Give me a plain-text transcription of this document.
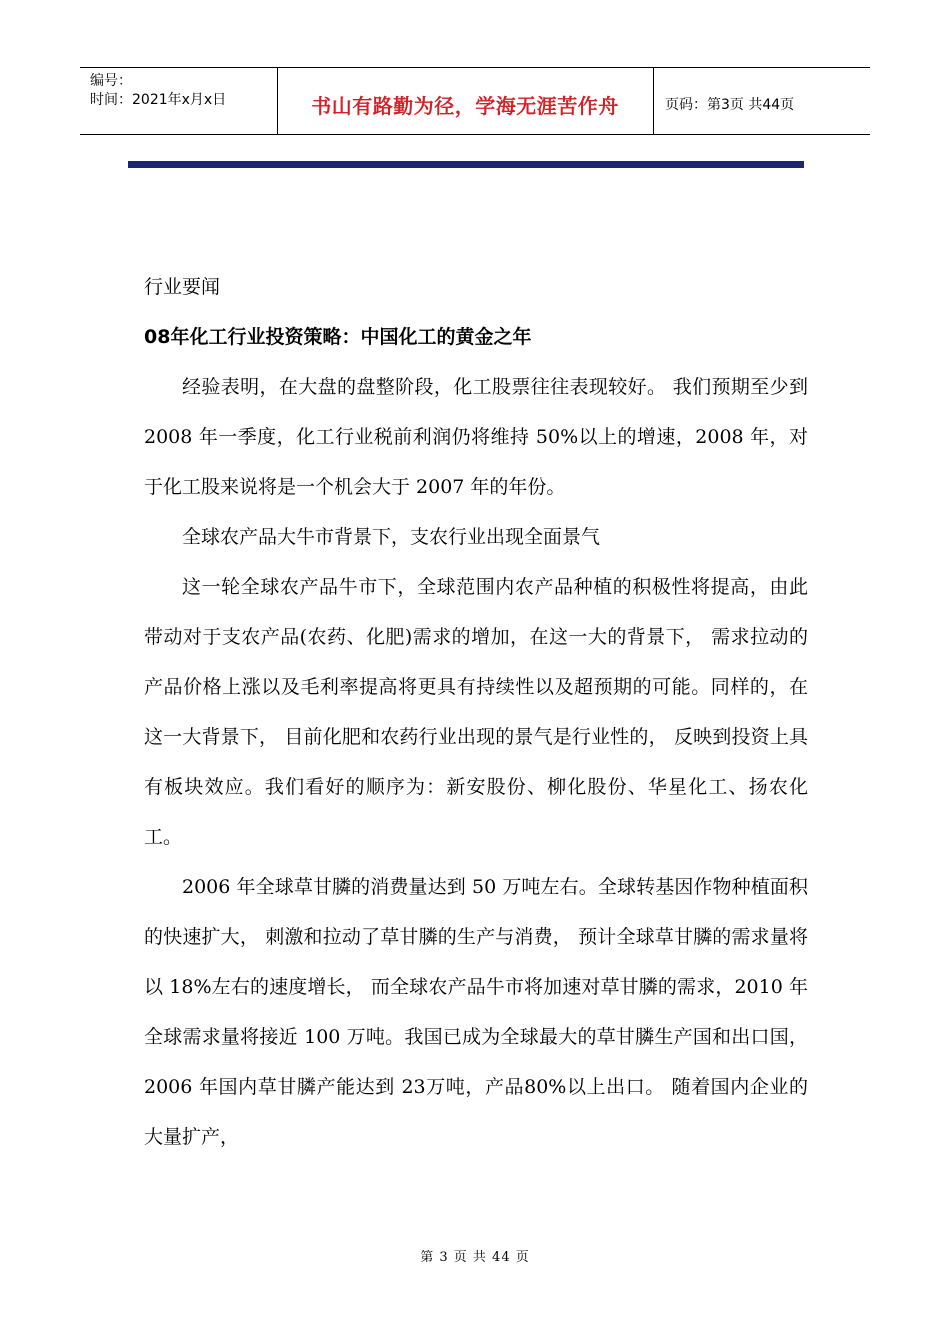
编号：
时间：2021年x月x日	书山有路勤为径，学海无涯苦作舟	页码：第3页 共44页

行业要闻

08年化工行业投资策略：中国化工的黄金之年

经验表明，在大盘的盘整阶段，化工股票往往表现较好。 我们预期至少到 2008 年一季度，化工行业税前利润仍将维持 50%以上的增速，2008 年，对于化工股来说将是一个机会大于 2007 年的年份。

全球农产品大牛市背景下，支农行业出现全面景气

这一轮全球农产品牛市下，全球范围内农产品种植的积极性将提高，由此带动对于支农产品(农药、化肥)需求的增加，在这一大的背景下， 需求拉动的产品价格上涨以及毛利率提高将更具有持续性以及超预期的可能。同样的，在这一大背景下， 目前化肥和农药行业出现的景气是行业性的， 反映到投资上具有板块效应。我们看好的顺序为：新安股份、柳化股份、华星化工、扬农化工。

2006 年全球草甘膦的消费量达到 50 万吨左右。全球转基因作物种植面积的快速扩大， 刺激和拉动了草甘膦的生产与消费， 预计全球草甘膦的需求量将以 18%左右的速度增长， 而全球农产品牛市将加速对草甘膦的需求，2010 年全球需求量将接近 100 万吨。我国已成为全球最大的草甘膦生产国和出口国，2006 年国内草甘膦产能达到 23万吨，产品80%以上出口。 随着国内企业的大量扩产，

第 3 页 共 44 页
